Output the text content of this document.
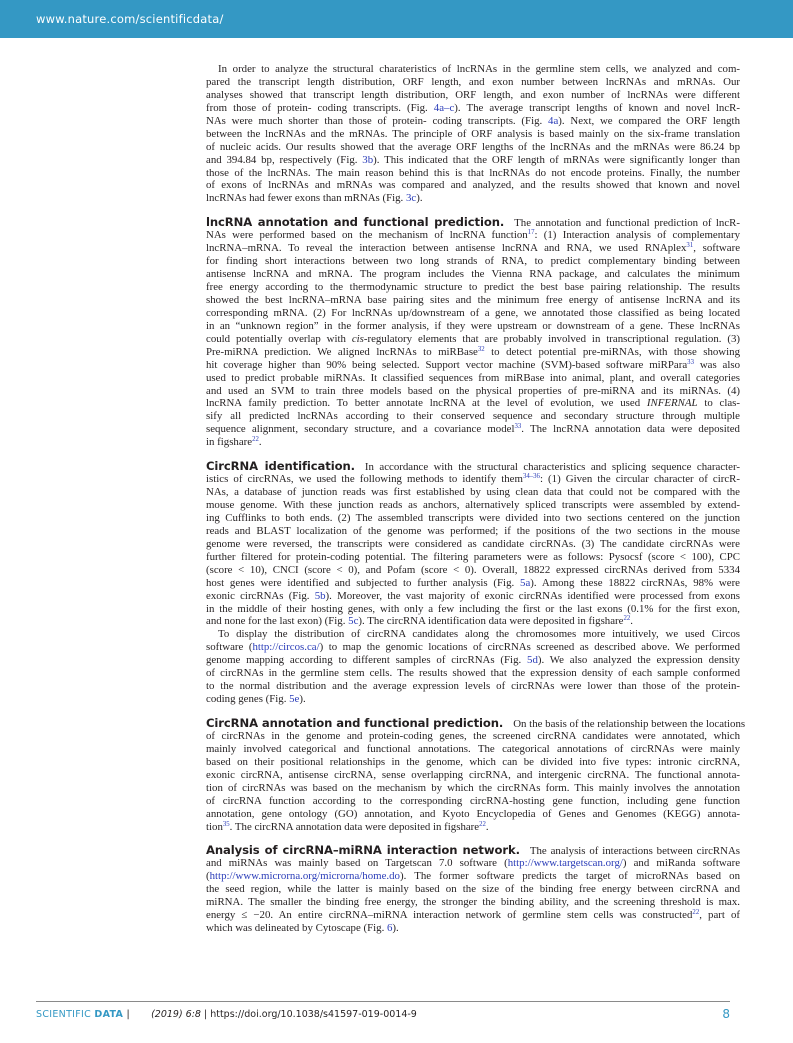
www.nature.com/scientificdata/
In order to analyze the structural charateristics of lncRNAs in the germline stem cells, we analyzed and com-
pared the transcript length distribution, ORF length, and exon number between lncRNAs and mRNAs. Our
analyses showed that transcript length distribution, ORF length, and exon number of lncRNAs were different
from those of protein- coding transcripts. (Fig. 4a–c). The average transcript lengths of known and novel lncR-
NAs were much shorter than those of protein- coding transcripts. (Fig. 4a). Next, we compared the ORF length
between the lncRNAs and the mRNAs. The principle of ORF analysis is based mainly on the six-frame translation
of nucleic acids. Our results showed that the average ORF lengths of the lncRNAs and the mRNAs were 86.24 bp
and 394.84 bp, respectively (Fig. 3b). This indicated that the ORF length of mRNAs were significantly longer than
those of the lncRNAs. The main reason behind this is that lncRNAs do not encode proteins. Finally, the number
of exons of lncRNAs and mRNAs was compared and analyzed, and the results showed that known and novel
lncRNAs had fewer exons than mRNAs (Fig. 3c).
lncRNA annotation and functional prediction. The annotation and functional prediction of lncR-
NAs were performed based on the mechanism of lncRNA function$^{17}$: (1) Interaction analysis of complementary
lncRNA–mRNA. To reveal the interaction between antisense lncRNA and RNA, we used RNAplex$^{31}$, software
for finding short interactions between two long strands of RNA, to predict complementary binding between
antisense lncRNA and mRNA. The program includes the Vienna RNA package, and calculates the minimum
free energy according to the thermodynamic structure to predict the best base pairing relationship. The results
showed the best lncRNA–mRNA base pairing sites and the minimum free energy of antisense lncRNA and its
corresponding mRNA. (2) For lncRNAs up/downstream of a gene, we annotated those classified as being located
in an “unknown region” in the former analysis, if they were upstream or downstream of a gene. These lncRNAs
could potentially overlap with cis-regulatory elements that are probably involved in transcriptional regulation. (3)
Pre-miRNA prediction. We aligned lncRNAs to miRBase$^{32}$ to detect potential pre-miRNAs, with those showing
hit coverage higher than 90% being selected. Support vector machine (SVM)-based software miRPara$^{33}$ was also
used to predict probable miRNAs. It classified sequences from miRBase into animal, plant, and overall categories
and used an SVM to train three models based on the physical properties of pre-miRNA and its miRNAs. (4)
lncRNA family prediction. To better annotate lncRNA at the level of evolution, we used INFERNAL to clas-
sify all predicted lncRNAs according to their conserved sequence and secondary structure through multiple
sequence alignment, secondary structure, and a covariance model$^{33}$. The lncRNA annotation data were deposited
in figshare$^{22}$.
CircRNA identification. In accordance with the structural characteristics and splicing sequence character-
istics of circRNAs, we used the following methods to identify them$^{34-36}$: (1) Given the circular character of circR-
NAs, a database of junction reads was first established by using clean data that could not be compared with the
mouse genome. With these junction reads as anchors, alternatively spliced transcripts were assembled by extend-
ing Cufflinks to both ends. (2) The assembled transcripts were divided into two sections centered on the junction
reads and BLAST localization of the genome was performed; if the positions of the two sections in the mouse
genome were reversed, the transcripts were considered as candidate circRNAs. (3) The candidate circRNAs were
further filtered for protein-coding potential. The filtering parameters were as follows: Pysocsf (score < 100), CPC
(score < 10), CNCI (score < 0), and Pofam (score < 0). Overall, 18822 expressed circRNAs derived from 5334
host genes were identified and subjected to further analysis (Fig. 5a). Among these 18822 circRNAs, 98% were
exonic circRNAs (Fig. 5b). Moreover, the vast majority of exonic circRNAs identified were processed from exons
in the middle of their hosting genes, with only a few including the first or the last exons (0.1% for the first exon,
and none for the last exon) (Fig. 5c). The circRNA identification data were deposited in figshare$^{22}$.
To display the distribution of circRNA candidates along the chromosomes more intuitively, we used Circos
software (http://circos.ca/) to map the genomic locations of circRNAs screened as described above. We performed
genome mapping according to different samples of circRNAs (Fig. 5d). We also analyzed the expression density
of circRNAs in the germline stem cells. The results showed that the expression density of each sample conformed
to the normal distribution and the average expression levels of circRNAs were lower than those of the protein-
coding genes (Fig. 5e).
CircRNA annotation and functional prediction. On the basis of the relationship between the locations
of circRNAs in the genome and protein-coding genes, the screened circRNA candidates were annotated, which
mainly involved categorical and functional annotations. The categorical annotations of circRNAs were mainly
based on their positional relationships in the genome, which can be divided into five types: intronic circRNA,
exonic circRNA, antisense circRNA, sense overlapping circRNA, and intergenic circRNA. The functional annota-
tion of circRNAs was based on the mechanism by which the circRNAs form. This mainly involves the annotation
of circRNA function according to the corresponding circRNA-hosting gene function, including gene function
annotation, gene ontology (GO) annotation, and Kyoto Encyclopedia of Genes and Genomes (KEGG) annota-
tion$^{35}$. The circRNA annotation data were deposited in figshare$^{22}$.
Analysis of circRNA–miRNA interaction network. The analysis of interactions between circRNAs
and miRNAs was mainly based on Targetscan 7.0 software (http://www.targetscan.org/) and miRanda software
(http://www.microrna.org/microrna/home.do). The former software predicts the target of microRNAs based on
the seed region, while the latter is mainly based on the size of the binding free energy between circRNA and
miRNA. The smaller the binding free energy, the stronger the binding ability, and the screening threshold is max.
energy ≤ −20. An entire circRNA–miRNA interaction network of germline stem cells was constructed$^{22}$, part of
which was delineated by Cytoscape (Fig. 6).
SCIENTIFIC DATA | (2019) 6:8 | https://doi.org/10.1038/s41597-019-0014-9	8
